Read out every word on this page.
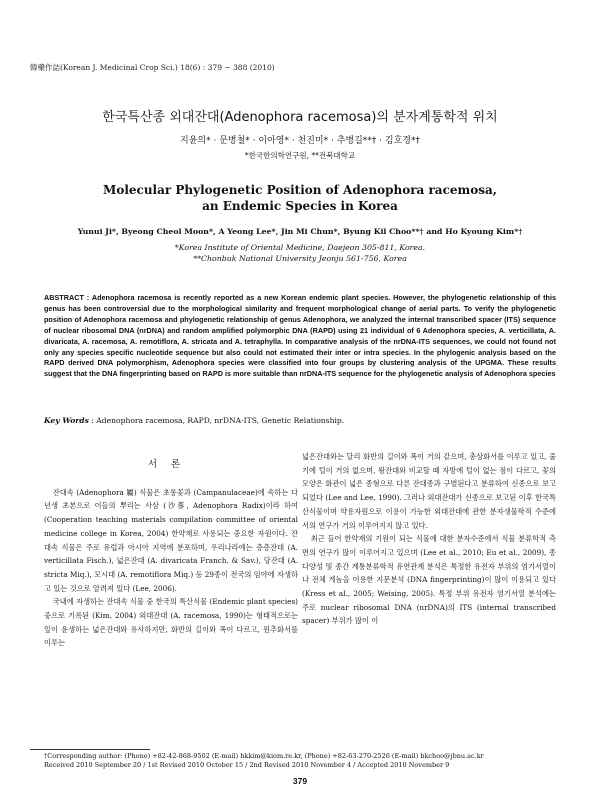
韓藥作誌(Korean J. Medicinal Crop Sci.) 18(6) : 379 ~ 388 (2010)
한국특산종 외대잔대(Adenophora racemosa)의 분자계통학적 위치
지윤의* · 문병철* · 이아영* · 천진미* · 추병길**† · 김호경*†
*한국한의학연구원, **전북대학교
Molecular Phylogenetic Position of Adenophora racemosa,
an Endemic Species in Korea
Yunui Ji*, Byeong Cheol Moon*, A Yeong Lee*, Jin Mi Chun*, Byung Kil Choo**† and Ho Kyoung Kim*†
*Korea Institute of Oriental Medicine, Daejeon 305-811, Korea.
**Chonbuk National University Jeonju 561-756, Korea
ABSTRACT : Adenophora racemosa is recently reported as a new Korean endemic plant species. However, the phylogenetic relationship of this genus has been controversial due to the morphological similarity and frequent morphological change of aerial parts. To verify the phylogenetic position of Adenophora racemosa and phylogenetic relationship of genus Adenophora, we analyzed the internal transcribed spacer (ITS) sequence of nuclear ribosomal DNA (nrDNA) and random amplified polymorphic DNA (RAPD) using 21 individual of 6 Adenophora species, A. verticillata, A. divaricata, A. racemosa, A. remotiflora, A. stricata and A. tetraphylla. In comparative analysis of the nrDNA-ITS sequences, we could not found not only any species specific nucleotide sequence but also could not estimated their inter or intra species. In the phylogenic analysis based on the RAPD derived DNA polymorphism, Adenophora species were classified into four groups by clustering analysis of the UPGMA. These results suggest that the DNA fingerprinting based on RAPD is more suitable than nrDNA-ITS sequence for the phylogenetic analysis of Adenophora species
Key Words : Adenophora racemosa, RAPD, nrDNA-ITS, Genetic Relationship.
서론

잔대속 (Adenophora 屬) 식물은 초롱꽃과 (Campanulaceae)에 속하는 다년생 초본으로 이들의 뿌리는 사삼 (沙蔘, Adenophora Radix)이라 하여 (Cooperation teaching materials compilation committee of oriental medicine college in Korea, 2004) 한약재로 사용되는 중요한 자원이다. 잔대속 식물은 주로 유럽과 아시아 지역에 분포하며, 우리나라에는 층층잔대 (A. verticillata Fisch.), 넓은잔대 (A. divaricata Franch. & Sav.), 당잔대 (A. stricta Miq.), 모시대 (A. remotiflora Miq.) 등 29종이 전국의 임야에 자생하고 있는 것으로 알려져 있다 (Lee, 2006).

국내에 자생하는 잔대속 식물 중 한국의 특산식물 (Endemic plant species) 중으로 기록된 (Kim, 2004) 외대잔대 (A. racemosa, 1990)는 형태적으로는 잎이 윤생하는 넓은잔대와 유사하지만, 화반의 길이와 폭이 다르고, 원추화서를 이루는

넓은잔대와는 달리 화반의 길이와 폭이 거의 같으며, 총상화서를 이루고 있고, 줄기에 털이 거의 없으며, 왕잔대와 비교할 때 자방에 털이 없는 점이 다르고, 꽃의 모양은 화관이 넓은 종형으로 다른 잔대종과 구별된다고 분류하여 신종으로 보고되었다 (Lee and Lee, 1990). 그러나 외대잔대가 신종으로 보고된 이후 한국특산식물이며 약용자원으로 이용이 가능한 외대잔대에 관한 분자생물학적 수준에서의 연구가 거의 이루어지지 않고 있다.

최근 들어 한약재의 기원이 되는 식물에 대한 분자수준에서 식물 분류학적 측면의 연구가 많이 이루어지고 있으며 (Lee et al., 2010; Eu et al., 2009), 종 다양성 및 종간 계통분류학적 유연관계 분석은 특정한 유전자 부위의 염기서열이나 전체 게놈을 이용한 지문분석 (DNA fingerprinting)이 많이 이용되고 있다 (Kress et al., 2005; Weising, 2005). 특정 부위 유전자 염기서열 분석에는 주로 nuclear ribosomal DNA (nrDNA)의 ITS (internal transcribed spacer) 부위가 많이 이

†Corresponding author: (Phone) +82-42-868-9502 (E-mail) hkkim@kiom.re.kr, (Phone) +82-63-270-2526 (E-mail) bkchoo@jbnu.ac.kr
Received 2010 September 20 / 1st Revised 2010 October 15 / 2nd Revised 2010 November 4 / Accepted 2010 November 9
379
